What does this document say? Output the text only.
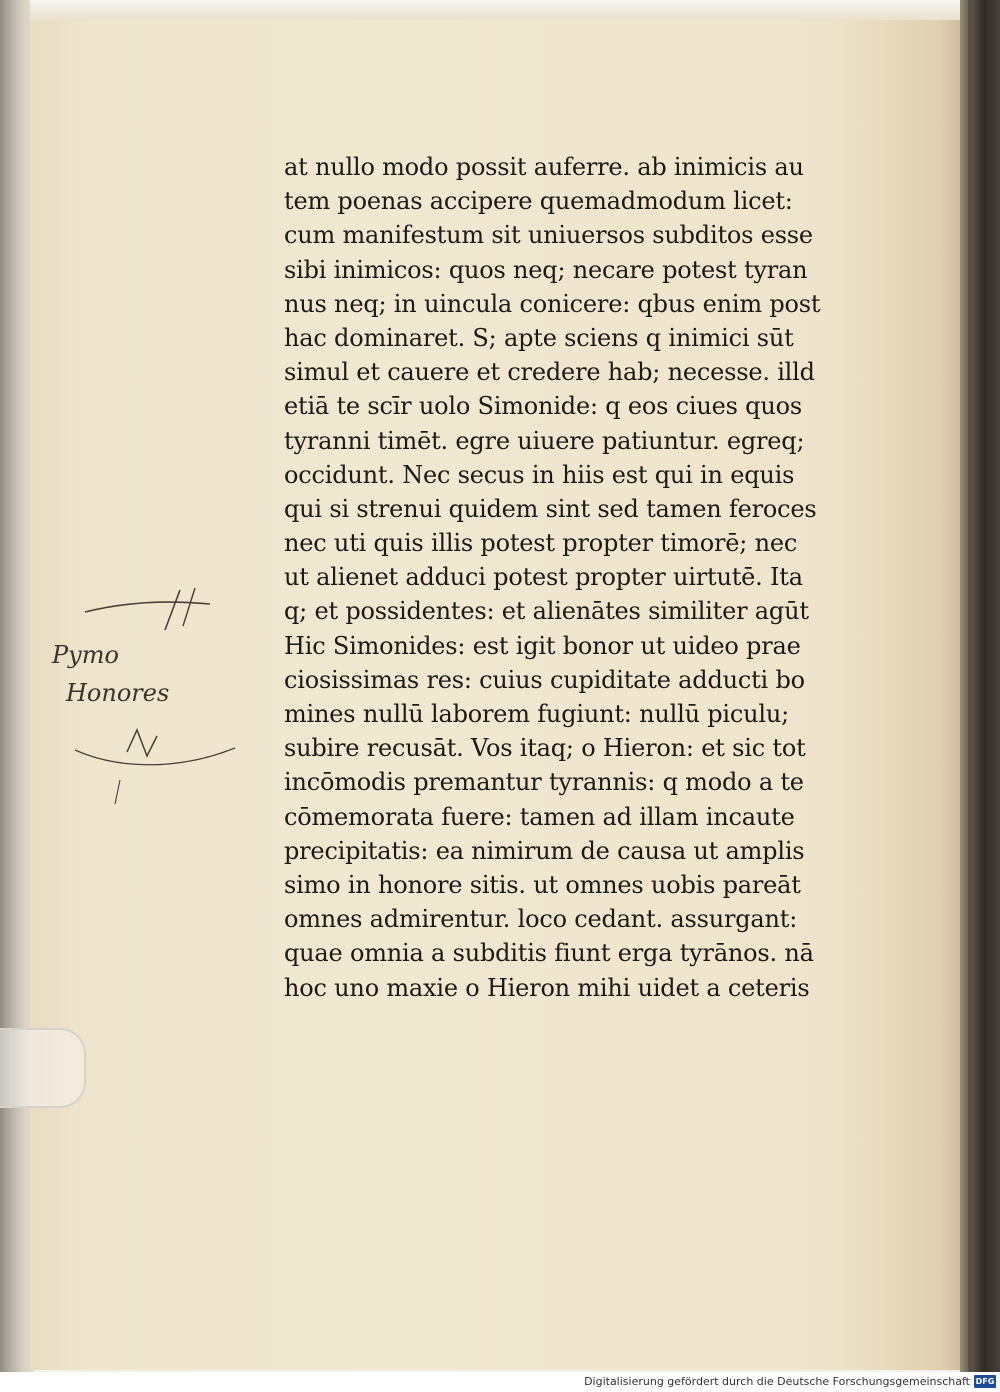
at nullo modo possit auferre. ab inimicis au
tem poenas accipere quemadmodum licet:
cum manifestum sit uniuersos subditos esse
sibi inimicos: quos neq; necare potest tyran
nus neq; in uincula conicere: qbus enim post
hac dominaret. S; apte sciens q inimici sūt
simul et cauere et credere hab; necesse. illd
etiā te scīr uolo Simonide: q eos ciues quos
tyranni timēt. egre uiuere patiuntur. egreq;
occidunt. Nec secus in hiis est qui in equis
qui si strenui quidem sint sed tamen feroces
nec uti quis illis potest propter timorē; nec
ut alienet adduci potest propter uirtutē. Ita
q; et possidentes: et alienātes similiter agūt
Hic Simonides: est igit bonor ut uideo prae
ciosissimas res: cuius cupiditate adducti bo
mines nullū laborem fugiunt: nullū piculu;
subire recusāt. Vos itaq; o Hieron: et sic tot
incōmodis premantur tyrannis: q modo a te
cōmemorata fuere: tamen ad illam incaute
precipitatis: ea nimirum de causa ut amplis
simo in honore sitis. ut omnes uobis pareāt
omnes admirentur. loco cedant. assurgant:
quae omnia a subditis fiunt erga tyrānos. nā
hoc uno maxie o Hieron mihi uidet a ceteris
Pymo
Honores
Digitalisierung gefördert durch die Deutsche Forschungsgemeinschaft DFG
